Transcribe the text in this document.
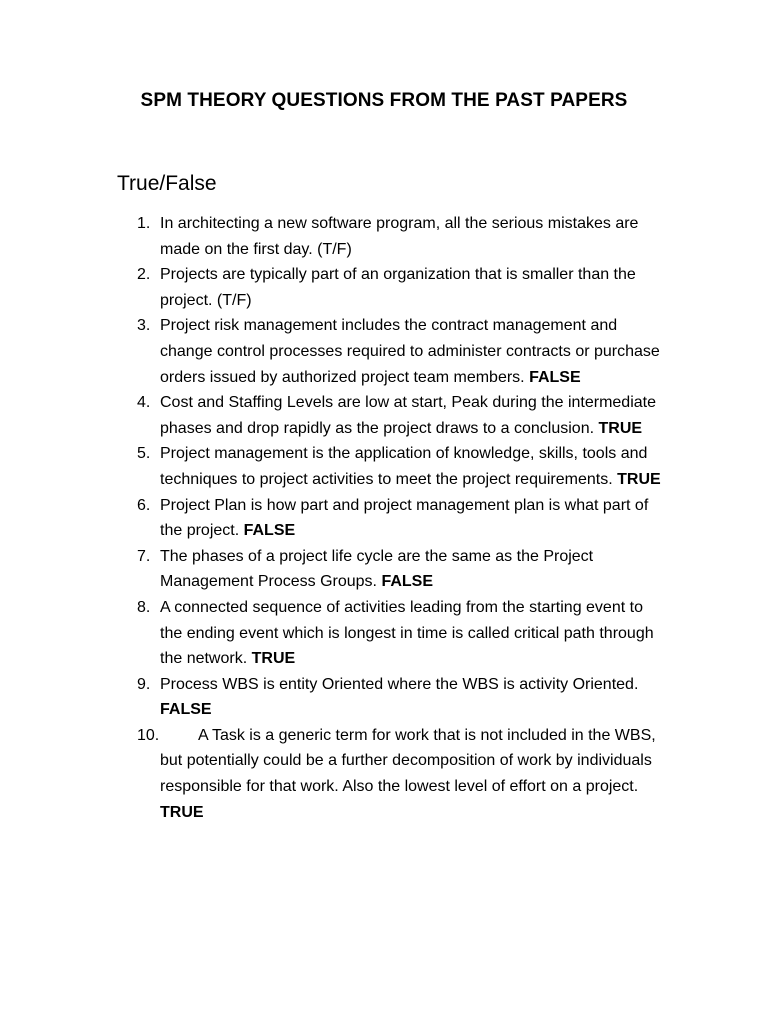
SPM THEORY QUESTIONS FROM THE PAST PAPERS
True/False
1. In architecting a new software program, all the serious mistakes are made on the first day. (T/F)
2. Projects are typically part of an organization that is smaller than the project. (T/F)
3. Project risk management includes the contract management and change control processes required to administer contracts or purchase orders issued by authorized project team members. FALSE
4. Cost and Staffing Levels are low at start, Peak during the intermediate phases and drop rapidly as the project draws to a conclusion. TRUE
5. Project management is the application of knowledge, skills, tools and techniques to project activities to meet the project requirements. TRUE
6. Project Plan is how part and project management plan is what part of the project. FALSE
7. The phases of a project life cycle are the same as the Project Management Process Groups. FALSE
8. A connected sequence of activities leading from the starting event to the ending event which is longest in time is called critical path through the network. TRUE
9. Process WBS is entity Oriented where the WBS is activity Oriented. FALSE
10. A Task is a generic term for work that is not included in the WBS, but potentially could be a further decomposition of work by individuals responsible for that work. Also the lowest level of effort on a project. TRUE
